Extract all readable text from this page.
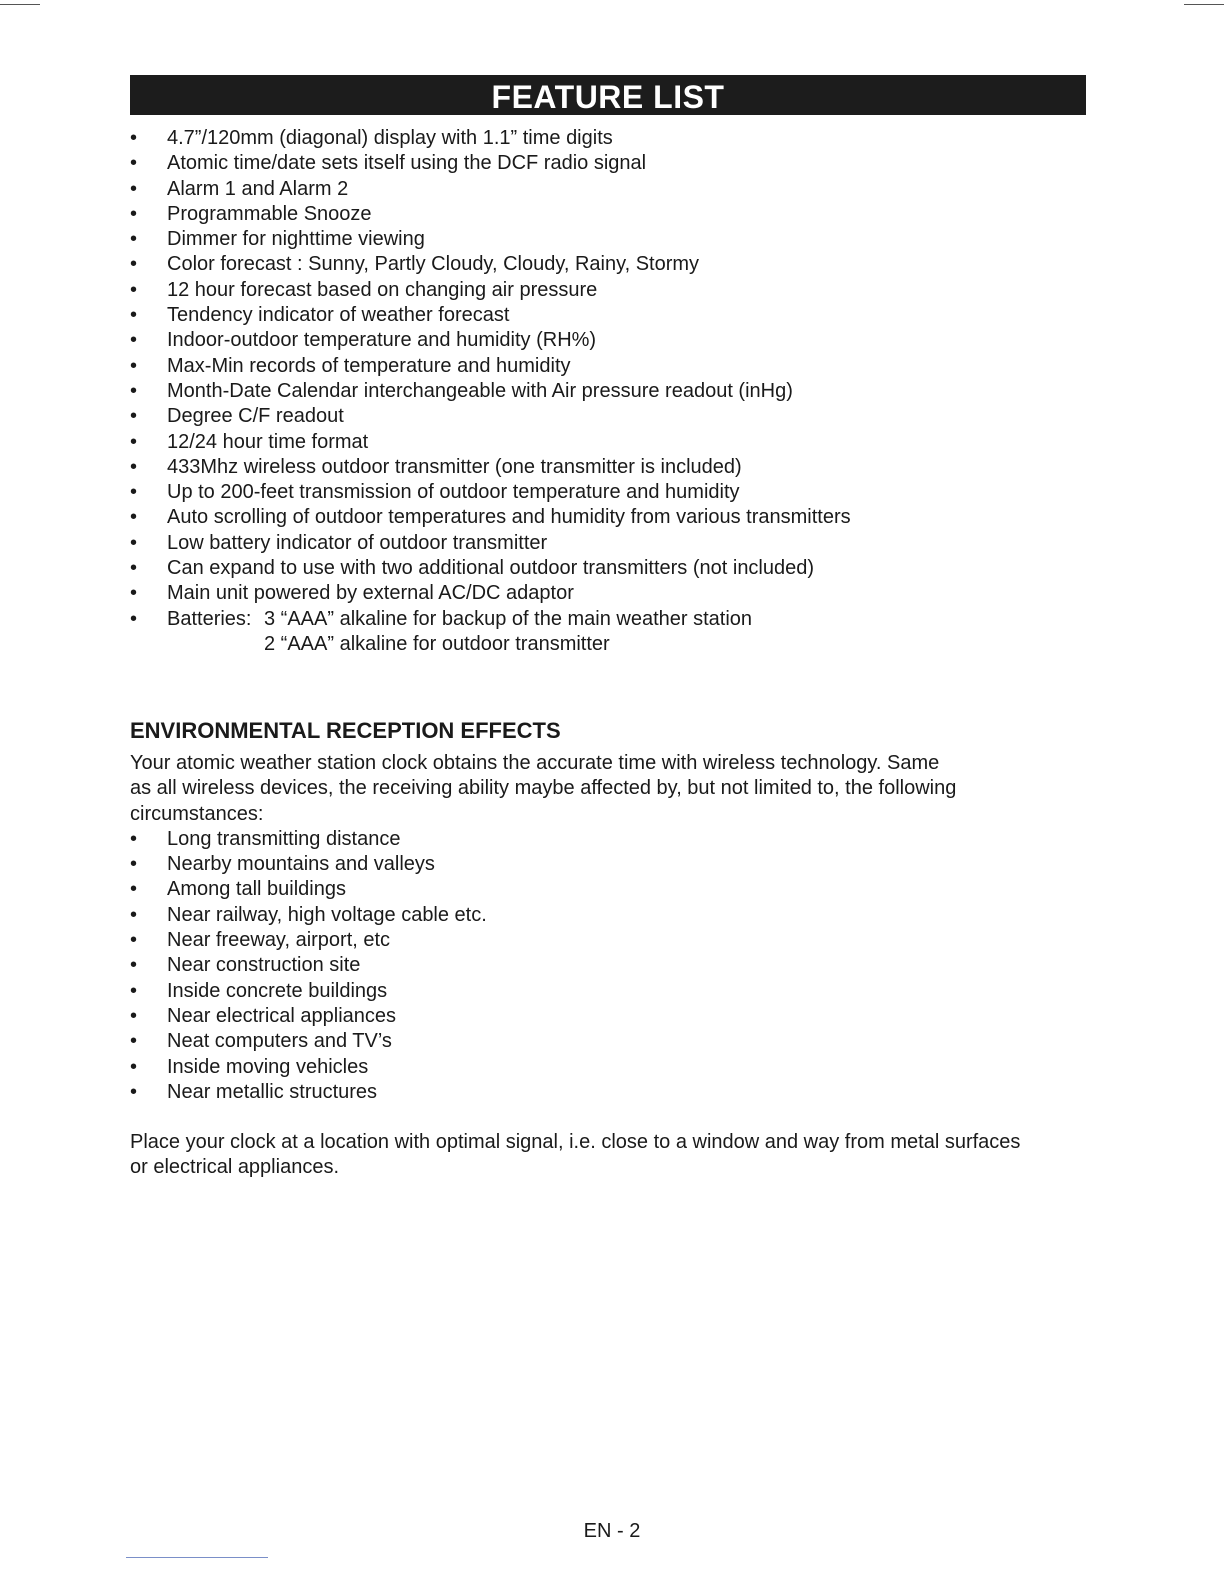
FEATURE LIST
• 4.7”/120mm (diagonal) display with 1.1” time digits
• Atomic time/date sets itself using the DCF radio signal
• Alarm 1 and Alarm 2
• Programmable Snooze
• Dimmer for nighttime viewing
• Color forecast : Sunny, Partly Cloudy, Cloudy, Rainy, Stormy
• 12 hour forecast based on changing air pressure
• Tendency indicator of weather forecast
• Indoor-outdoor temperature and humidity (RH%)
• Max-Min records of temperature and humidity
• Month-Date Calendar interchangeable with Air pressure readout (inHg)
• Degree C/F readout
• 12/24 hour time format
• 433Mhz wireless outdoor transmitter (one transmitter is included)
• Up to 200-feet transmission of outdoor temperature and humidity
• Auto scrolling of outdoor temperatures and humidity from various transmitters
• Low battery indicator of outdoor transmitter
• Can expand to use with two additional outdoor transmitters (not included)
• Main unit powered by external AC/DC adaptor
• Batteries: 3 “AAA” alkaline for backup of the main weather station
2 “AAA” alkaline for outdoor transmitter
ENVIRONMENTAL RECEPTION EFFECTS

Your atomic weather station clock obtains the accurate time with wireless technology. Same
as all wireless devices, the receiving ability maybe affected by, but not limited to, the following
circumstances:

• Long transmitting distance
• Nearby mountains and valleys
• Among tall buildings
• Near railway, high voltage cable etc.
• Near freeway, airport, etc
• Near construction site
• Inside concrete buildings
• Near electrical appliances
• Neat computers and TV’s
• Inside moving vehicles
• Near metallic structures
Place your clock at a location with optimal signal, i.e. close to a window and way from metal surfaces
or electrical appliances.
EN - 2
